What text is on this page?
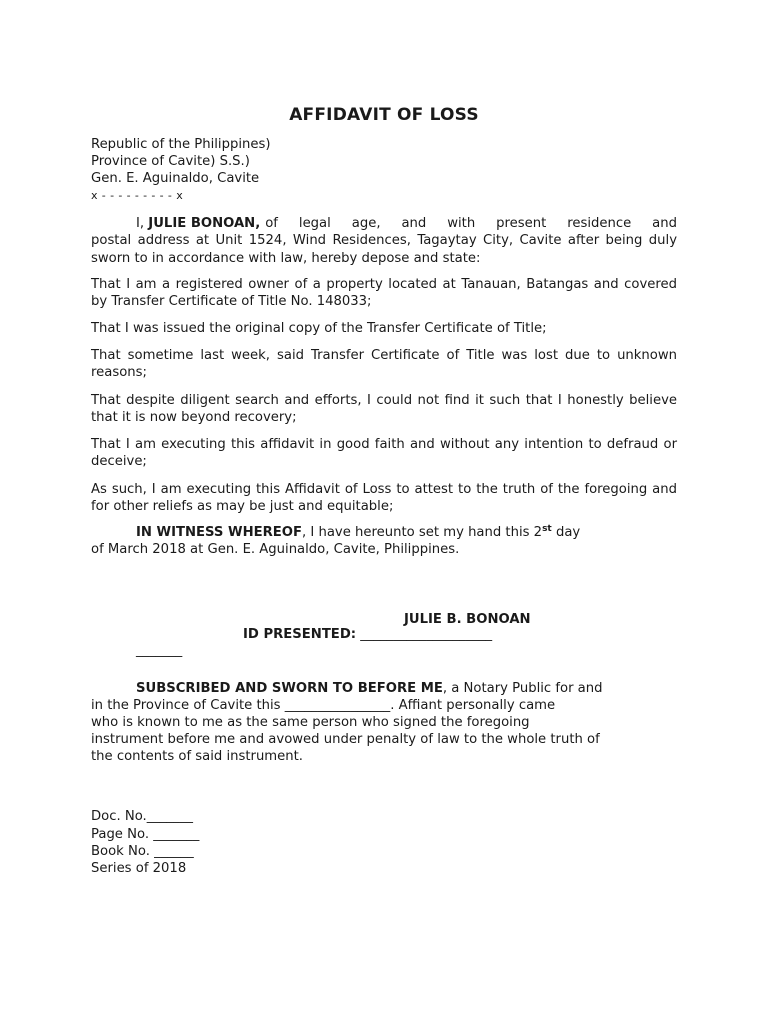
AFFIDAVIT OF LOSS
Republic of the Philippines)
Province of Cavite) S.S.)
Gen. E. Aguinaldo, Cavite
x - - - - - - - - - x
I, JULIE BONOAN, of legal age, and with present residence and
postal address at Unit 1524, Wind Residences, Tagaytay City, Cavite after being duly sworn to in accordance with law, hereby depose and state:
That I am a registered owner of a property located at Tanauan, Batangas and covered by Transfer Certificate of Title No. 148033;
That I was issued the original copy of the Transfer Certificate of Title;
That sometime last week, said Transfer Certificate of Title was lost due to unknown reasons;
That despite diligent search and efforts, I could not find it such that I honestly believe that it is now beyond recovery;
That I am executing this affidavit in good faith and without any intention to defraud or deceive;
As such, I am executing this Affidavit of Loss to attest to the truth of the foregoing and for other reliefs as may be just and equitable;
IN WITNESS WHEREOF, I have hereunto set my hand this 2st day
of March 2018 at Gen. E. Aguinaldo, Cavite, Philippines.
JULIE B. BONOAN
ID PRESENTED: ____________________
_______
SUBSCRIBED AND SWORN TO BEFORE ME, a Notary Public for and
in the Province of Cavite this ________________. Affiant personally came
who is known to me as the same person who signed the foregoing
instrument before me and avowed under penalty of law to the whole truth of
the contents of said instrument.
Doc. No._______
Page No. _______
Book No. ______
Series of 2018
